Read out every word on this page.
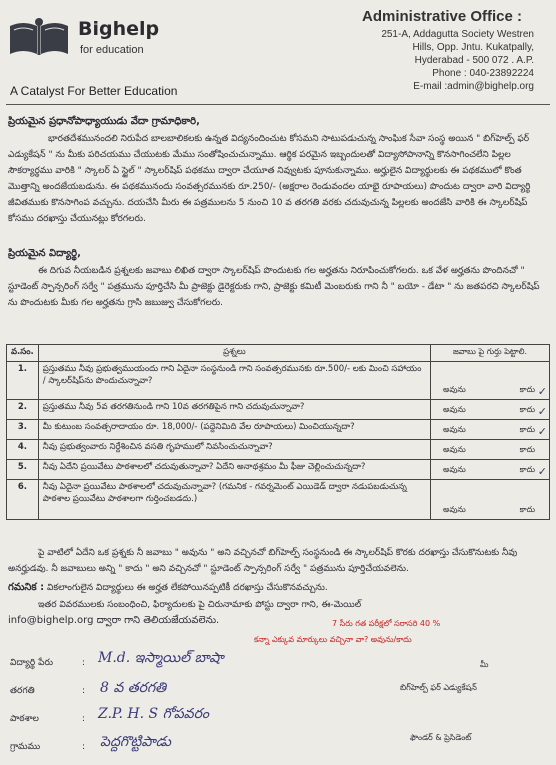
Bighelp
for education
A Catalyst For Better Education
Administrative Office :
251-A, Addagutta Society Westren
Hills, Opp. Jntu. Kukatpally,
Hyderabad - 500 072 . A.P.
Phone : 040-23892224
E-mail :admin@bighelp.org
ప్రియమైన ప్రధానోపాధ్యాయుడు వేదా గ్రామాధికారి,
భారతదేశమునందలి నిరుపేద బాలబాలికలకు ఉన్నత విద్యనందించుట కోసమని సాటుపడుచున్న సాంఘిక సేవా సంస్థ అయిన " బిగ్‌హెల్ప్ ఫర్ ఎడ్యుకేషన్ " ను మీకు పరిచయము చేయుటకు మేము సంతోషించుచున్నాము. ఆర్థిక పరమైన ఇబ్బందులతో విద్యాసోపానాన్ని కొనసాగించలేని పిల్లల సౌకర్యార్థము వారికి " స్కాలర్ ఏ స్టైల్ " స్కాలర్‌షిప్ పథకము ద్వారా చేయూత నివ్వుటకు పూనుకున్నాము. అర్హులైన విద్యార్థులకు ఈ పథకములో కొంత మొత్తాన్ని అందజేయబడును. ఈ పథకమునందు సంవత్సరమునకు రూ.250/- (అక్షరాల రెండువందల యాభై రూపాయలు) పొందుట ద్వారా వారి విద్యార్థి జీవితముకు కొనసాగింప వచ్చును. దయచేసి మీరు ఈ పత్రములను 5 నుంచి 10 వ తరగతి వరకు చదువుచున్న పిల్లలకు అందజేసి వారికి ఈ స్కాలర్‌షిప్ కోసము దరఖాస్తు చేయునట్లు కోరగలరు.
ప్రియమైన విద్యార్థి,
ఈ దిగువ నీయబడిన ప్రశ్నలకు జవాబు లిఖిత ద్వారా స్కాలర్‌షిప్ పొందుటకు గల అర్హతను నిరూపించుకోగలరు. ఒక వేళ అర్హతను పొందినచో " స్టూడెంట్ స్పాన్సరింగ్ సర్వే " పత్రమును పూర్తిచేసి మీ ప్రాజెక్టు డైరెక్టరుకు గాని, ప్రాజెక్టు కమిటీ మెంబరుకు గాని నీ " బయో - డేటా " ను జతపరచి స్కాలర్‌షిప్ ను పొందుటకు మీకు గల అర్హతను గ్రాసి జబుజ్వు చేసుకోగలరు.
వ.సం.	ప్రశ్నలు	జవాబు పై గుర్తు పెట్టాలి.
1.	ప్రస్తుతము నీవు ప్రభుత్వముయందు గాని ఏదైనా సంస్థనుండి గాని సంవత్సరమునకు రూ.500/- లకు మించి సహాయం / స్కాలర్‌షిప్‌ను పొందుచున్నావా?	అవును కాదు ✓

2.	ప్రస్తుతము నీవు 5వ తరగతినుండి గాని 10వ తరగతిపైన గాని చదువుచున్నావా?	అవును కాదు ✓

3.	మీ కుటుంబ సంవత్సరాదాయం రూ. 18,000/- (పద్దెనిమిది వేల రూపాయలు) మించియున్నదా?	అవును కాదు ✓

4.	నీవు ప్రభుత్వంవారు నిర్దేశించిన వసతి గృహములో నివసించుచున్నావా?	అవును కాదు

5.	నీవు ఏదేని ప్రయివేటు పాఠశాలలో చదువుతున్నావా? ఏదేని అనాథశ్రమం మీ ఫీజు చెల్లించుచున్నదా?	అవును కాదు ✓

6.	నీవు ఏదైనా ప్రయివేటు పాఠశాలలో చదువుచున్నావా? (గమనిక - గవర్నమెంట్ ఎయిడెడ్ ద్వారా నడుపబడుచున్న పాఠశాల ప్రయివేటు పాఠశాలగా గుర్తించబడదు.)	అవును కాదు
పై వాటిలో ఏదేని ఒక ప్రశ్నకు నీ జవాబు " అవును " అని వచ్చినచో బిగ్‌హెల్ప్ సంస్థనుండి ఈ స్కాలర్‌షిప్ కొరకు దరఖాస్తు చేసుకొనుటకు నీవు అనర్హుడవు. నీ జవాబులు అన్ని " కాదు " అని వచ్చినచో " స్టూడెంట్ స్పాన్సరింగ్ సర్వే " పత్రమును పూర్తిచేయవలెను.
గమనిక : వికలాంగులైన విద్యార్థులు ఈ అర్హత లేకపోయినప్పటికీ దరఖాస్తు చేసుకొనవచ్చును.
ఇతర వివరములకు సంబంధించి, ఫిర్యాదులకు పై చిరునామాకు పోస్టు ద్వారా గాని, ఈ-మెయిల్
info@bighelp.org ద్వారా గాని తెలియజేయవలెను.	7 సీరు గత పరీక్షలో సరాసరి 40 %
కన్నా ఎక్కువ మార్కులు వచ్చినా వా? అవును/కాదు
విద్యార్థి పేరు	: M.d. ఇస్మాయిల్ బాషా
తరగతి	: 8 వ తరగతి
పాఠశాల	: Z.P. H. S గోపవరం
గ్రామము	: పెద్దగొట్టిపాడు
మీ
బిగ్‌హెల్ప్ ఫర్ ఎడ్యుకేషన్
ఫౌండర్ & ప్రెసిడెంట్
